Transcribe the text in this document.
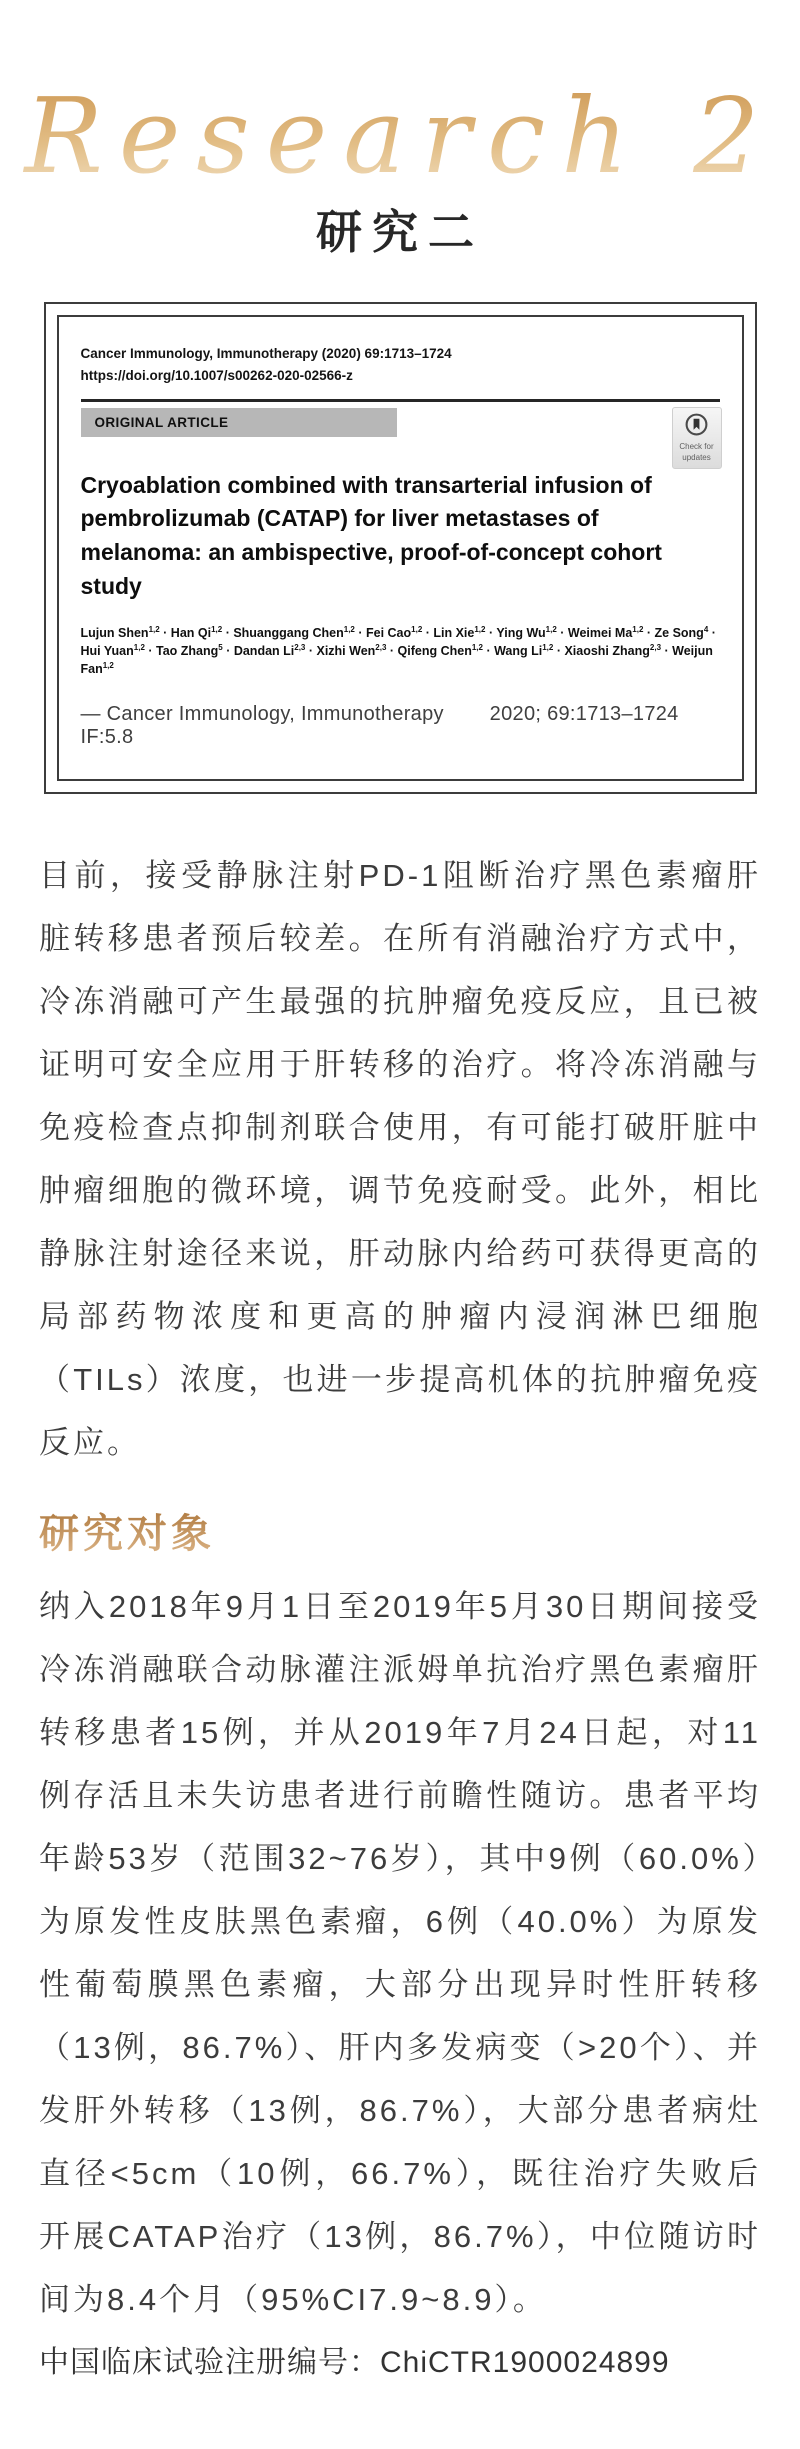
Research 2
研究二
Cancer Immunology, Immunotherapy (2020) 69:1713–1724
https://doi.org/10.1007/s00262-020-02566-z
ORIGINAL ARTICLE
Check for
updates
Cryoablation combined with transarterial infusion of pembrolizumab (CATAP) for liver metastases of melanoma: an ambispective, proof-of-concept cohort study
Lujun Shen$^{1,2}$ · Han Qi$^{1,2}$ · Shuanggang Chen$^{1,2}$ · Fei Cao$^{1,2}$ · Lin Xie$^{1,2}$ · Ying Wu$^{1,2}$ · Weimei Ma$^{1,2}$ · Ze Song$^4$ · Hui Yuan$^{1,2}$ · Tao Zhang$^5$ · Dandan Li$^{2,3}$ · Xizhi Wen$^{2,3}$ · Qifeng Chen$^{1,2}$ · Wang Li$^{1,2}$ · Xiaoshi Zhang$^{2,3}$ · Weijun Fan$^{1,2}$
— Cancer Immunology, Immunotherapy 2020; 69:1713–1724 IF:5.8
目前，接受静脉注射PD-1阻断治疗黑色素瘤肝脏转移患者预后较差。在所有消融治疗方式中，冷冻消融可产生最强的抗肿瘤免疫反应，且已被证明可安全应用于肝转移的治疗。将冷冻消融与免疫检查点抑制剂联合使用，有可能打破肝脏中肿瘤细胞的微环境，调节免疫耐受。此外，相比静脉注射途径来说，肝动脉内给药可获得更高的局部药物浓度和更高的肿瘤内浸润淋巴细胞（TILs）浓度，也进一步提高机体的抗肿瘤免疫反应。
研究对象
纳入2018年9月1日至2019年5月30日期间接受冷冻消融联合动脉灌注派姆单抗治疗黑色素瘤肝转移患者15例，并从2019年7月24日起，对11例存活且未失访患者进行前瞻性随访。患者平均年龄53岁（范围32~76岁），其中9例（60.0%）为原发性皮肤黑色素瘤，6例（40.0%）为原发性葡萄膜黑色素瘤，大部分出现异时性肝转移（13例，86.7%）、肝内多发病变（>20个）、并发肝外转移（13例，86.7%），大部分患者病灶直径<5cm（10例，66.7%），既往治疗失败后开展CATAP治疗（13例，86.7%），中位随访时间为8.4个月（95%CI7.9~8.9）。
中国临床试验注册编号：ChiCTR1900024899
